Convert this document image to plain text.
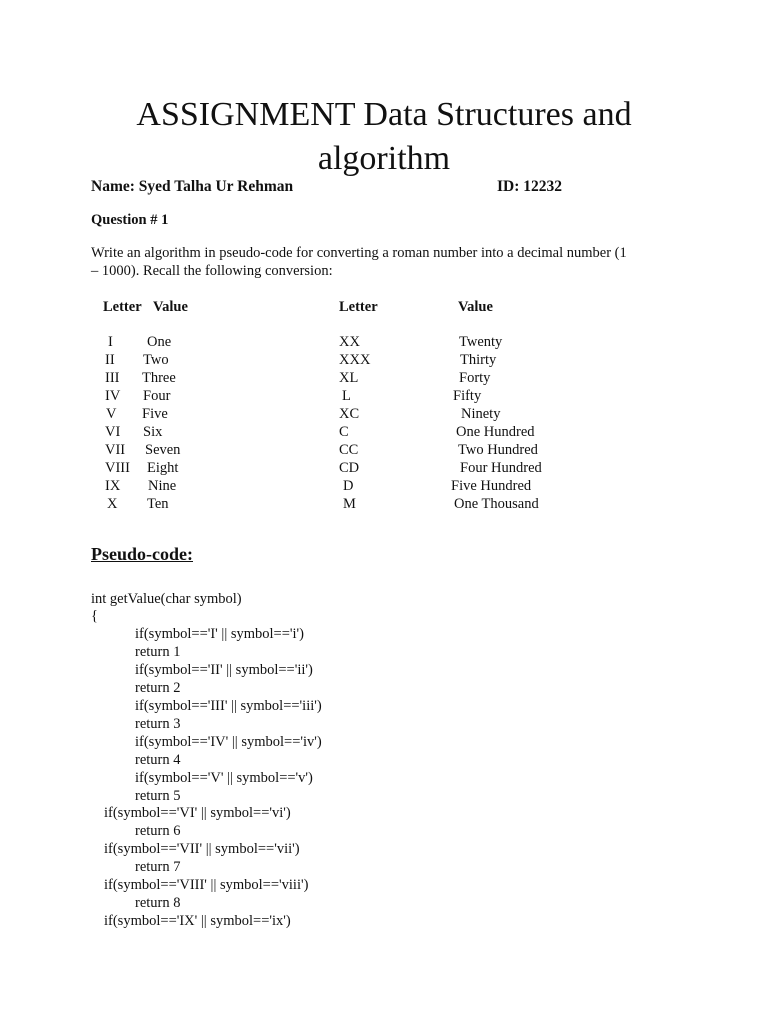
ASSIGNMENT Data Structures and
algorithm
Name: Syed Talha Ur Rehman	ID: 12232
Question # 1
Write an algorithm in pseudo-code for converting a roman number into a decimal number (1
– 1000). Recall the following conversion:
Letter Value	Letter	Value
I One	XX	Twenty
II Two	XXX	Thirty
III Three	XL	Forty
IV Four	L	Fifty
V Five	XC	Ninety
VI Six	C	One Hundred
VII Seven	CC	Two Hundred
VIII Eight	CD	Four Hundred
IX Nine	D	Five Hundred
X Ten	M	One Thousand
Pseudo-code:
int getValue(char symbol)
{
if(symbol=='I' || symbol=='i')
return 1
if(symbol=='II' || symbol=='ii')
return 2
if(symbol=='III' || symbol=='iii')
return 3
if(symbol=='IV' || symbol=='iv')
return 4
if(symbol=='V' || symbol=='v')
return 5
if(symbol=='VI' || symbol=='vi')
return 6
if(symbol=='VII' || symbol=='vii')
return 7
if(symbol=='VIII' || symbol=='viii')
return 8
if(symbol=='IX' || symbol=='ix')
